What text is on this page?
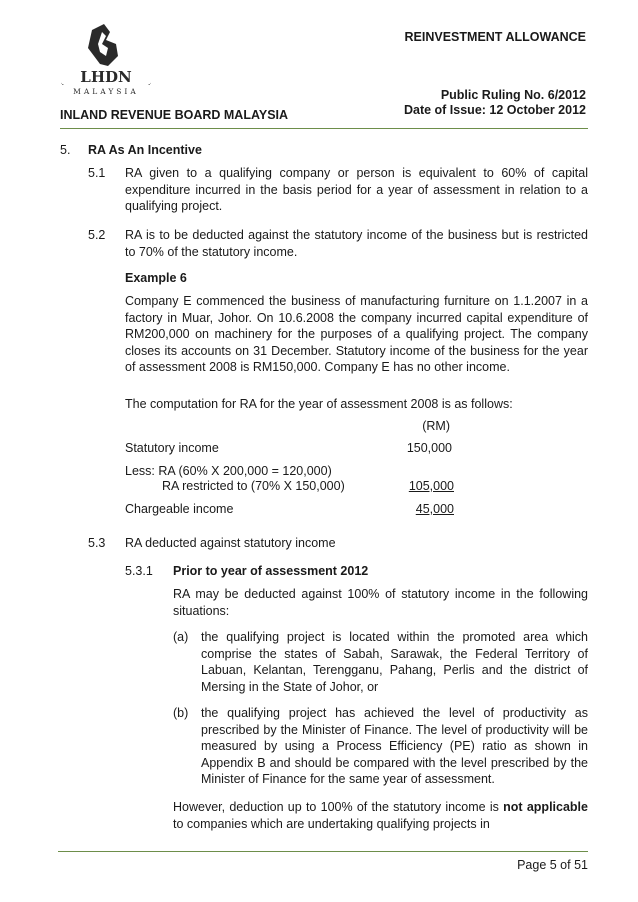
REINVESTMENT ALLOWANCE
LHDN
MALAYSIA	Public Ruling No. 6/2012
Date of Issue: 12 October 2012
INLAND REVENUE BOARD MALAYSIA
5. RA As An Incentive
5.1 RA given to a qualifying company or person is equivalent to 60% of capital expenditure incurred in the basis period for a year of assessment in relation to a qualifying project.
5.2 RA is to be deducted against the statutory income of the business but is restricted to 70% of the statutory income.
Example 6
Company E commenced the business of manufacturing furniture on 1.1.2007 in a factory in Muar, Johor. On 10.6.2008 the company incurred capital expenditure of RM200,000 on machinery for the purposes of a qualifying project. The company closes its accounts on 31 December. Statutory income of the business for the year of assessment 2008 is RM150,000. Company E has no other income.
The computation for RA for the year of assessment 2008 is as follows:
(RM)
Statutory income	150,000
Less: RA (60% X 200,000 = 120,000)
RA restricted to (70% X 150,000)	105,000
Chargeable income	45,000
5.3 RA deducted against statutory income
5.3.1 Prior to year of assessment 2012
RA may be deducted against 100% of statutory income in the following situations:
(a) the qualifying project is located within the promoted area which comprise the states of Sabah, Sarawak, the Federal Territory of Labuan, Kelantan, Terengganu, Pahang, Perlis and the district of Mersing in the State of Johor, or
(b) the qualifying project has achieved the level of productivity as prescribed by the Minister of Finance. The level of productivity will be measured by using a Process Efficiency (PE) ratio as shown in Appendix B and should be compared with the level prescribed by the Minister of Finance for the same year of assessment.
However, deduction up to 100% of the statutory income is not applicable to companies which are undertaking qualifying projects in
Page 5 of 51
